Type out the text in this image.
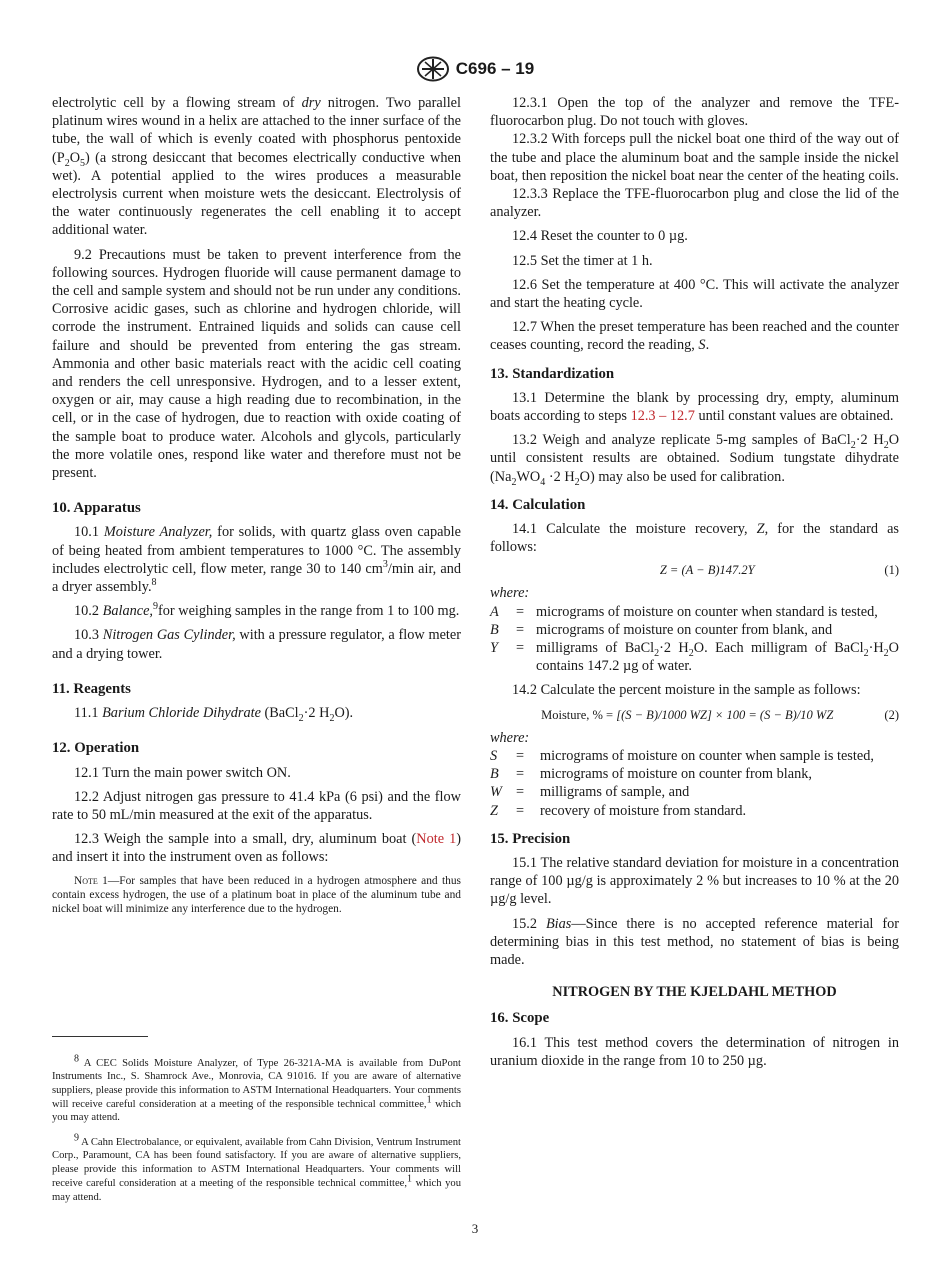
C696 – 19

electrolytic cell by a flowing stream of dry nitrogen. Two parallel platinum wires wound in a helix are attached to the inner surface of the tube, the wall of which is evenly coated with phosphorus pentoxide $(P_2O_5)$ (a strong desiccant that becomes electrically conductive when wet). A potential applied to the wires produces a measurable electrolysis current when moisture wets the desiccant. Electrolysis of the water continuously regenerates the cell enabling it to accept additional water.

9.2 Precautions must be taken to prevent interference from the following sources. Hydrogen fluoride will cause permanent damage to the cell and sample system and should not be run under any conditions. Corrosive acidic gases, such as chlorine and hydrogen chloride, will corrode the instrument. Entrained liquids and solids can cause cell failure and should be prevented from entering the gas stream. Ammonia and other basic materials react with the acidic cell coating and renders the cell unresponsive. Hydrogen, and to a lesser extent, oxygen or air, may cause a high reading due to recombination, in the cell, or in the case of hydrogen, due to reaction with oxide coating of the sample boat to produce water. Alcohols and glycols, particularly the more volatile ones, respond like water and therefore must not be present.

10. Apparatus

10.1 Moisture Analyzer, for solids, with quartz glass oven capable of being heated from ambient temperatures to 1000 °C. The assembly includes electrolytic cell, flow meter, range 30 to 140 $cm^3/\min$ air, and a dryer assembly.$^8$

10.2 Balance,$^9$for weighing samples in the range from 1 to 100 mg.

10.3 Nitrogen Gas Cylinder, with a pressure regulator, a flow meter and a drying tower.

11. Reagents

11.1 Barium Chloride Dihydrate (BaCl$_2$·2 $H_2O$).

12. Operation

12.1 Turn the main power switch ON.

12.2 Adjust nitrogen gas pressure to 41.4 kPa (6 psi) and the flow rate to 50 mL/min measured at the exit of the apparatus.

12.3 Weigh the sample into a small, dry, aluminum boat (Note 1) and insert it into the instrument oven as follows:

Note 1—For samples that have been reduced in a hydrogen atmosphere and thus contain excess hydrogen, the use of a platinum boat in place of the aluminum tube and nickel boat will minimize any interference due to the hydrogen.

$^8$ A CEC Solids Moisture Analyzer, of Type 26-321A-MA is available from DuPont Instruments Inc., S. Shamrock Ave., Monrovia, CA 91016. If you are aware of alternative suppliers, please provide this information to ASTM International Headquarters. Your comments will receive careful consideration at a meeting of the responsible technical committee,$^1$ which you may attend.

$^9$ A Cahn Electrobalance, or equivalent, available from Cahn Division, Ventrum Instrument Corp., Paramount, CA has been found satisfactory. If you are aware of alternative suppliers, please provide this information to ASTM International Headquarters. Your comments will receive careful consideration at a meeting of the responsible technical committee,$^1$ which you may attend.

12.3.1 Open the top of the analyzer and remove the TFE-fluorocarbon plug. Do not touch with gloves.

12.3.2 With forceps pull the nickel boat one third of the way out of the tube and place the aluminum boat and the sample inside the nickel boat, then reposition the nickel boat near the center of the heating coils.

12.3.3 Replace the TFE-fluorocarbon plug and close the lid of the analyzer.

12.4 Reset the counter to 0 µg.

12.5 Set the timer at 1 h.

12.6 Set the temperature at 400 °C. This will activate the analyzer and start the heating cycle.

12.7 When the preset temperature has been reached and the counter ceases counting, record the reading, S.

13. Standardization

13.1 Determine the blank by processing dry, empty, aluminum boats according to steps 12.3 – 12.7 until constant values are obtained.

13.2 Weigh and analyze replicate 5-mg samples of BaCl$_2$·2 $H_2O$ until consistent results are obtained. Sodium tungstate dihydrate ($Na_2WO_4 \cdot 2$ $H_2O$) may also be used for calibration.

14. Calculation

14.1 Calculate the moisture recovery, Z, for the standard as follows:

Z = (A − B)147.2Y	(1)

where:

A	= micrograms of moisture on counter when standard is tested,
B	= micrograms of moisture on counter from blank, and
Y	= milligrams of BaCl$_2$·2 $H_2O$. Each milligram of $BaCl_2\cdot H_2O$ contains 147.2 µg of water.

14.2 Calculate the percent moisture in the sample as follows:

Moisture, % = [(S − B)/1000 WZ] × 100 = (S − B)/10 WZ	(2)

where:

S	=	micrograms of moisture on counter when sample is tested,
B	=	micrograms of moisture on counter from blank,
W =	milligrams of sample, and
Z	=	recovery of moisture from standard.

15. Precision

15.1 The relative standard deviation for moisture in a concentration range of 100 µg/g is approximately 2 % but increases to 10 % at the 20 µg/g level.

15.2 Bias—Since there is no accepted reference material for determining bias in this test method, no statement of bias is being made.

NITROGEN BY THE KJELDAHL METHOD

16. Scope

16.1 This test method covers the determination of nitrogen in uranium dioxide in the range from 10 to 250 µg.

3
